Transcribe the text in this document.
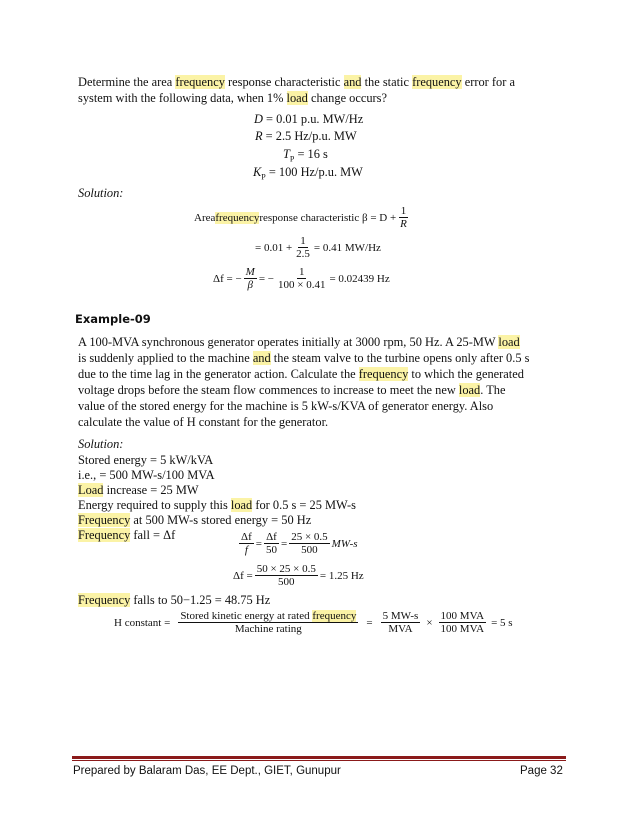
Determine the area frequency response characteristic and the static frequency error for a
system with the following data, when 1% load change occurs?
D = 0.01 p.u. MW/Hz
R = 2.5 Hz/p.u. MW
$T_P = 16$ s
$K_P = 100$ Hz/p.u. MW
Solution:
Area frequency response characteristic $\beta = D + \frac{1}{R}$
= $0.01 + \frac{1}{2.5} = 0.41$ MW/Hz
Δf = − $\frac{M}{\beta}$ = − $\frac{1}{100 \times 0.41} = 0.02439$ Hz
Example-09
A 100-MVA synchronous generator operates initially at 3000 rpm, 50 Hz. A 25-MW load
is suddenly applied to the machine and the steam valve to the turbine opens only after 0.5 s
due to the time lag in the generator action. Calculate the frequency to which the generated
voltage drops before the steam flow commences to increase to meet the new load. The
value of the stored energy for the machine is 5 kW-s/KVA of generator energy. Also
calculate the value of H constant for the generator.
Solution:
Stored energy = 5 kW/kVA
i.e., = 500 MW-s/100 MVA
Load increase = 25 MW
Energy required to supply this load for 0.5 s = 25 MW-s
Frequency at 500 MW-s stored energy = 50 Hz
Frequency fall = Δf	$\frac{\Delta f}{f} = \frac{\Delta f}{50} = \frac{25 \times 0.5}{500} MW-s$
$\Delta f = \frac{50 \times 25 \times 0.5}{500} = 1.25$ Hz
Frequency falls to 50−1.25 = 48.75 Hz
H constant = $\frac{\text{Stored kinetic energy at rated frequency}}{\text{Machine rating}} = \frac{5 MW-s}{\text{MVA}} \times \frac{\text{100 MVA}}{\text{100 MVA}} = 5$ s
Prepared by Balaram Das, EE Dept., GIET, Gunupur	Page 32
